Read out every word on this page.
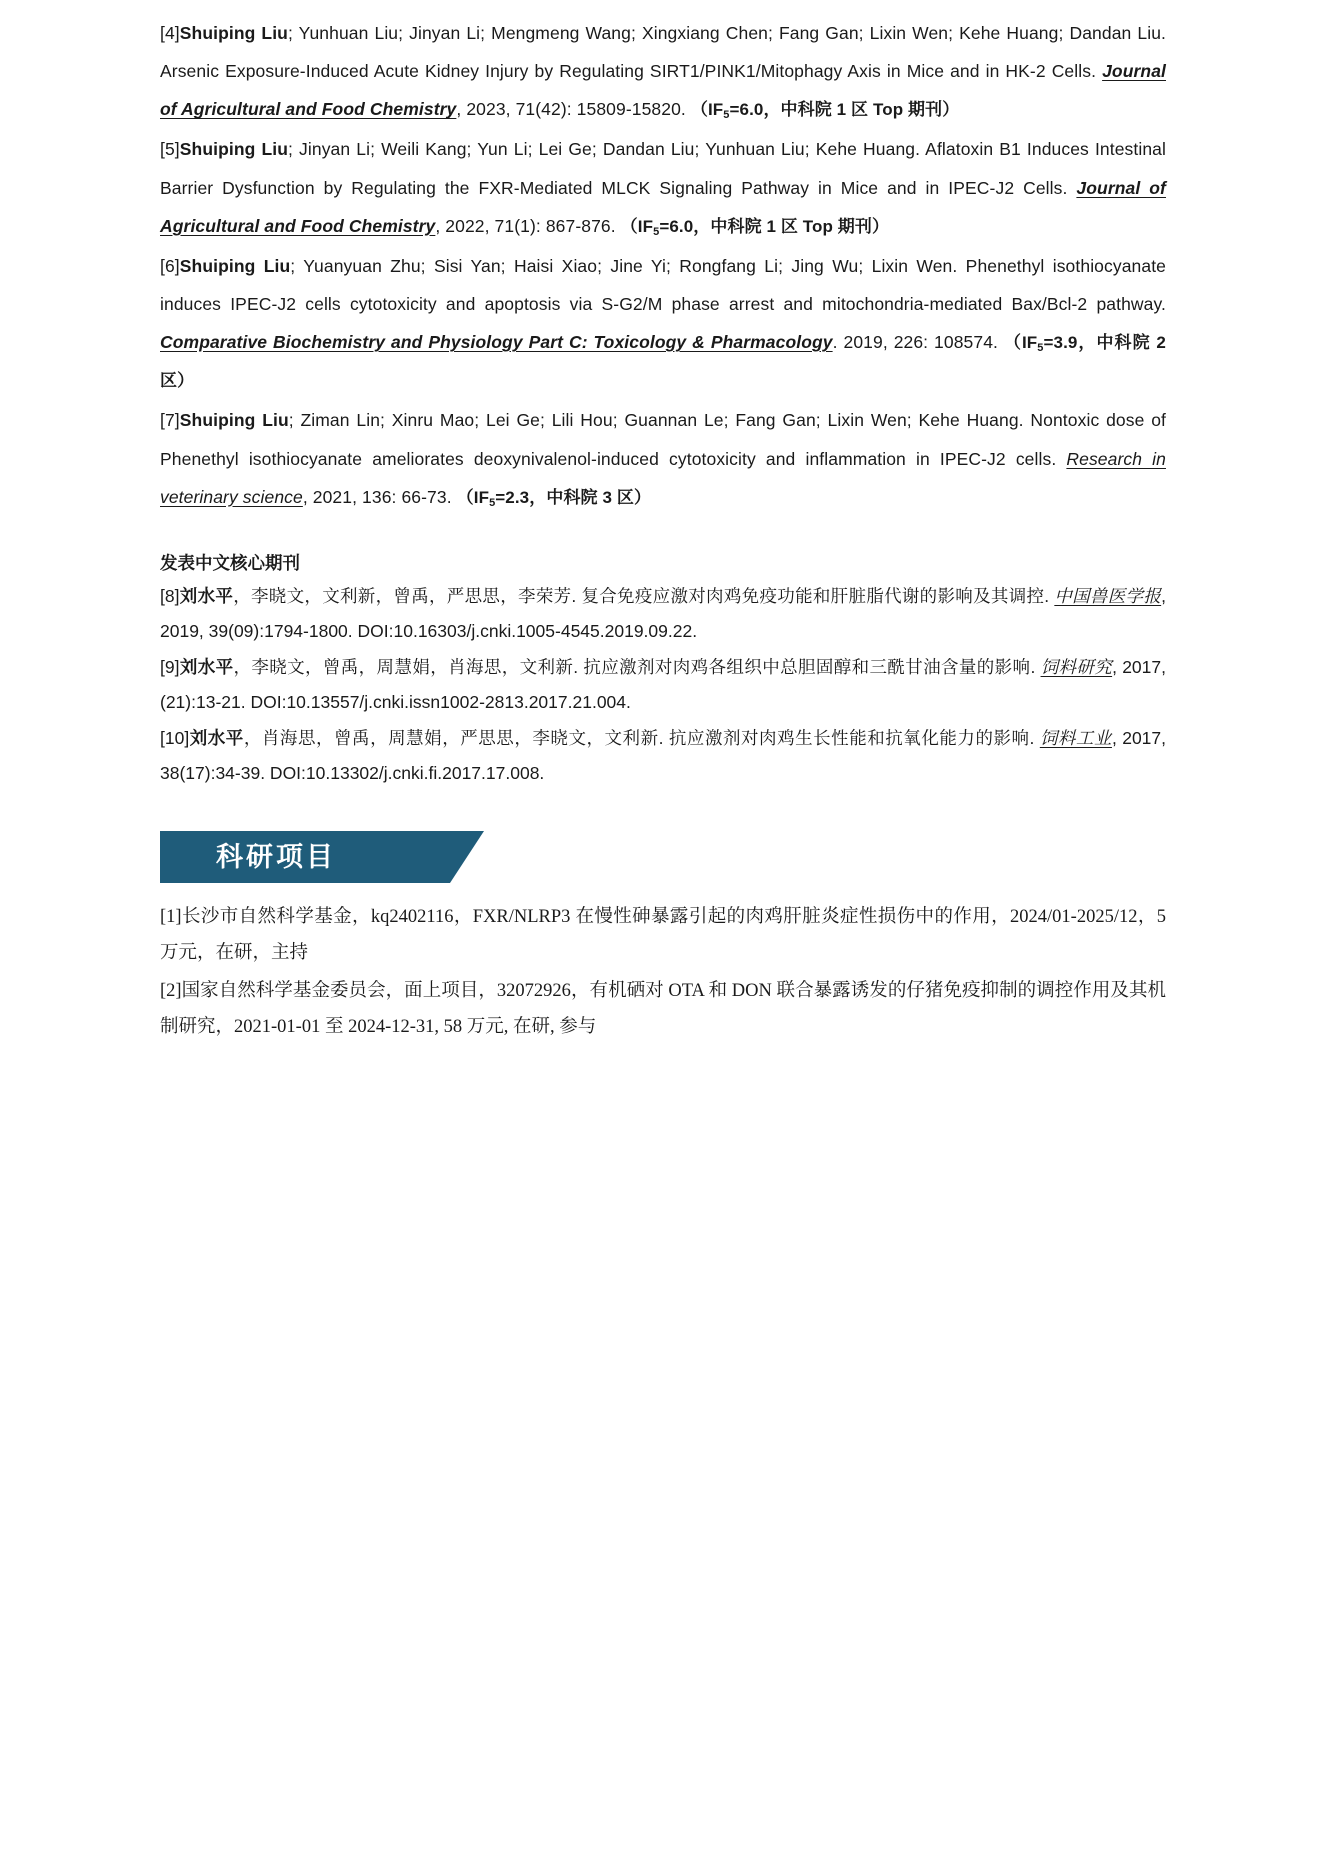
[4]Shuiping Liu; Yunhuan Liu; Jinyan Li; Mengmeng Wang; Xingxiang Chen; Fang Gan; Lixin Wen; Kehe Huang; Dandan Liu. Arsenic Exposure-Induced Acute Kidney Injury by Regulating SIRT1/PINK1/Mitophagy Axis in Mice and in HK-2 Cells. Journal of Agricultural and Food Chemistry, 2023, 71(42): 15809-15820. （$IF_5=6.0$，中科院 1 区 Top 期刊）

[5]Shuiping Liu; Jinyan Li; Weili Kang; Yun Li; Lei Ge; Dandan Liu; Yunhuan Liu; Kehe Huang. Aflatoxin B1 Induces Intestinal Barrier Dysfunction by Regulating the FXR-Mediated MLCK Signaling Pathway in Mice and in IPEC-J2 Cells. Journal of Agricultural and Food Chemistry, 2022, 71(1): 867-876. （$IF_5=6.0$，中科院 1 区 Top 期刊）

[6]Shuiping Liu; Yuanyuan Zhu; Sisi Yan; Haisi Xiao; Jine Yi; Rongfang Li; Jing Wu; Lixin Wen. Phenethyl isothiocyanate induces IPEC-J2 cells cytotoxicity and apoptosis via S-G2/M phase arrest and mitochondria-mediated Bax/Bcl-2 pathway. Comparative Biochemistry and Physiology Part C: Toxicology & Pharmacology. 2019, 226: 108574. （$IF_5=3.9$，中科院 2 区）

[7]Shuiping Liu; Ziman Lin; Xinru Mao; Lei Ge; Lili Hou; Guannan Le; Fang Gan; Lixin Wen; Kehe Huang. Nontoxic dose of Phenethyl isothiocyanate ameliorates deoxynivalenol-induced cytotoxicity and inflammation in IPEC-J2 cells. Research in veterinary science, 2021, 136: 66-73. （$IF_5=2.3$，中科院 3 区）

发表中文核心期刊

[8]刘水平，李晓文，文利新，曾禹，严思思，李荣芳. 复合免疫应激对肉鸡免疫功能和肝脏脂代谢的影响及其调控. 中国兽医学报, 2019, 39(09):1794-1800. DOI:10.16303/j.cnki.1005-4545.2019.09.22.

[9]刘水平，李晓文，曾禹，周慧娟，肖海思，文利新. 抗应激剂对肉鸡各组织中总胆固醇和三酰甘油含量的影响. 饲料研究, 2017, (21):13-21. DOI:10.13557/j.cnki.issn1002-2813.2017.21.004.

[10]刘水平，肖海思，曾禹，周慧娟，严思思，李晓文，文利新. 抗应激剂对肉鸡生长性能和抗氧化能力的影响. 饲料工业, 2017, 38(17):34-39. DOI:10.13302/j.cnki.fi.2017.17.008.

科研项目

[1]长沙市自然科学基金，kq2402116，FXR/NLRP3 在慢性砷暴露引起的肉鸡肝脏炎症性损伤中的作用，2024/01-2025/12，5 万元，在研，主持

[2]国家自然科学基金委员会，面上项目，32072926，有机硒对 OTA 和 DON 联合暴露诱发的仔猪免疫抑制的调控作用及其机制研究，2021-01-01 至 2024-12-31, 58 万元, 在研, 参与
